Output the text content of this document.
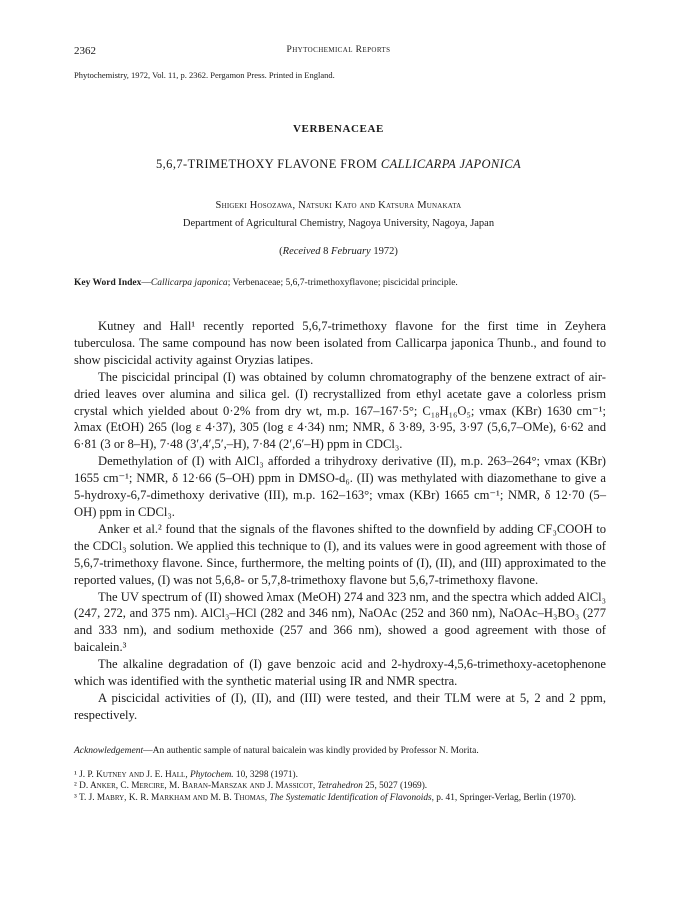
2362	Phytochemical Reports
Phytochemistry, 1972, Vol. 11, p. 2362. Pergamon Press. Printed in England.
VERBENACEAE
5,6,7-TRIMETHOXY FLAVONE FROM CALLICARPA JAPONICA
Shigeki Hosozawa, Natsuki Kato and Katsura Munakata
Department of Agricultural Chemistry, Nagoya University, Nagoya, Japan
(Received 8 February 1972)
Key Word Index—Callicarpa japonica; Verbenaceae; 5,6,7-trimethoxyflavone; piscicidal principle.

Kutney and Hall¹ recently reported 5,6,7-trimethoxy flavone for the first time in Zeyhera tuberculosa. The same compound has now been isolated from Callicarpa japonica Thunb., and found to show piscicidal activity against Oryzias latipes.

The piscicidal principal (I) was obtained by column chromatography of the benzene extract of air-dried leaves over alumina and silica gel. (I) recrystallized from ethyl acetate gave a colorless prism crystal which yielded about 0·2% from dry wt, m.p. 167–167·5°; C₁₈H₁₆O₅; νmax (KBr) 1630 cm⁻¹; λmax (EtOH) 265 (log ε 4·37), 305 (log ε 4·34) nm; NMR, δ 3·89, 3·95, 3·97 (5,6,7–OMe), 6·62 and 6·81 (3 or 8–H), 7·48 (3′,4′,5′,–H), 7·84 (2′,6′–H) ppm in CDCl₃.

Demethylation of (I) with AlCl₃ afforded a trihydroxy derivative (II), m.p. 263–264°; νmax (KBr) 1655 cm⁻¹; NMR, δ 12·66 (5–OH) ppm in DMSO-d₆. (II) was methylated with diazomethane to give a 5-hydroxy-6,7-dimethoxy derivative (III), m.p. 162–163°; νmax (KBr) 1665 cm⁻¹; NMR, δ 12·70 (5–OH) ppm in CDCl₃.

Anker et al.² found that the signals of the flavones shifted to the downfield by adding CF₃COOH to the CDCl₃ solution. We applied this technique to (I), and its values were in good agreement with those of 5,6,7-trimethoxy flavone. Since, furthermore, the melting points of (I), (II), and (III) approximated to the reported values, (I) was not 5,6,8- or 5,7,8-trimethoxy flavone but 5,6,7-trimethoxy flavone.

The UV spectrum of (II) showed λmax (MeOH) 274 and 323 nm, and the spectra which added AlCl₃ (247, 272, and 375 nm). AlCl₃–HCl (282 and 346 nm), NaOAc (252 and 360 nm), NaOAc–H₃BO₃ (277 and 333 nm), and sodium methoxide (257 and 366 nm), showed a good agreement with those of baicalein.³

The alkaline degradation of (I) gave benzoic acid and 2-hydroxy-4,5,6-trimethoxy-acetophenone which was identified with the synthetic material using IR and NMR spectra.

A piscicidal activities of (I), (II), and (III) were tested, and their TLM were at 5, 2 and 2 ppm, respectively.

Acknowledgement—An authentic sample of natural baicalein was kindly provided by Professor N. Morita.
¹ J. P. Kutney and J. E. Hall, Phytochem. 10, 3298 (1971).
² D. Anker, C. Mercire, M. Baran-Marszak and J. Massicot, Tetrahedron 25, 5027 (1969).
³ T. J. Mabry, K. R. Markham and M. B. Thomas, The Systematic Identification of Flavonoids, p. 41, Springer-Verlag, Berlin (1970).
